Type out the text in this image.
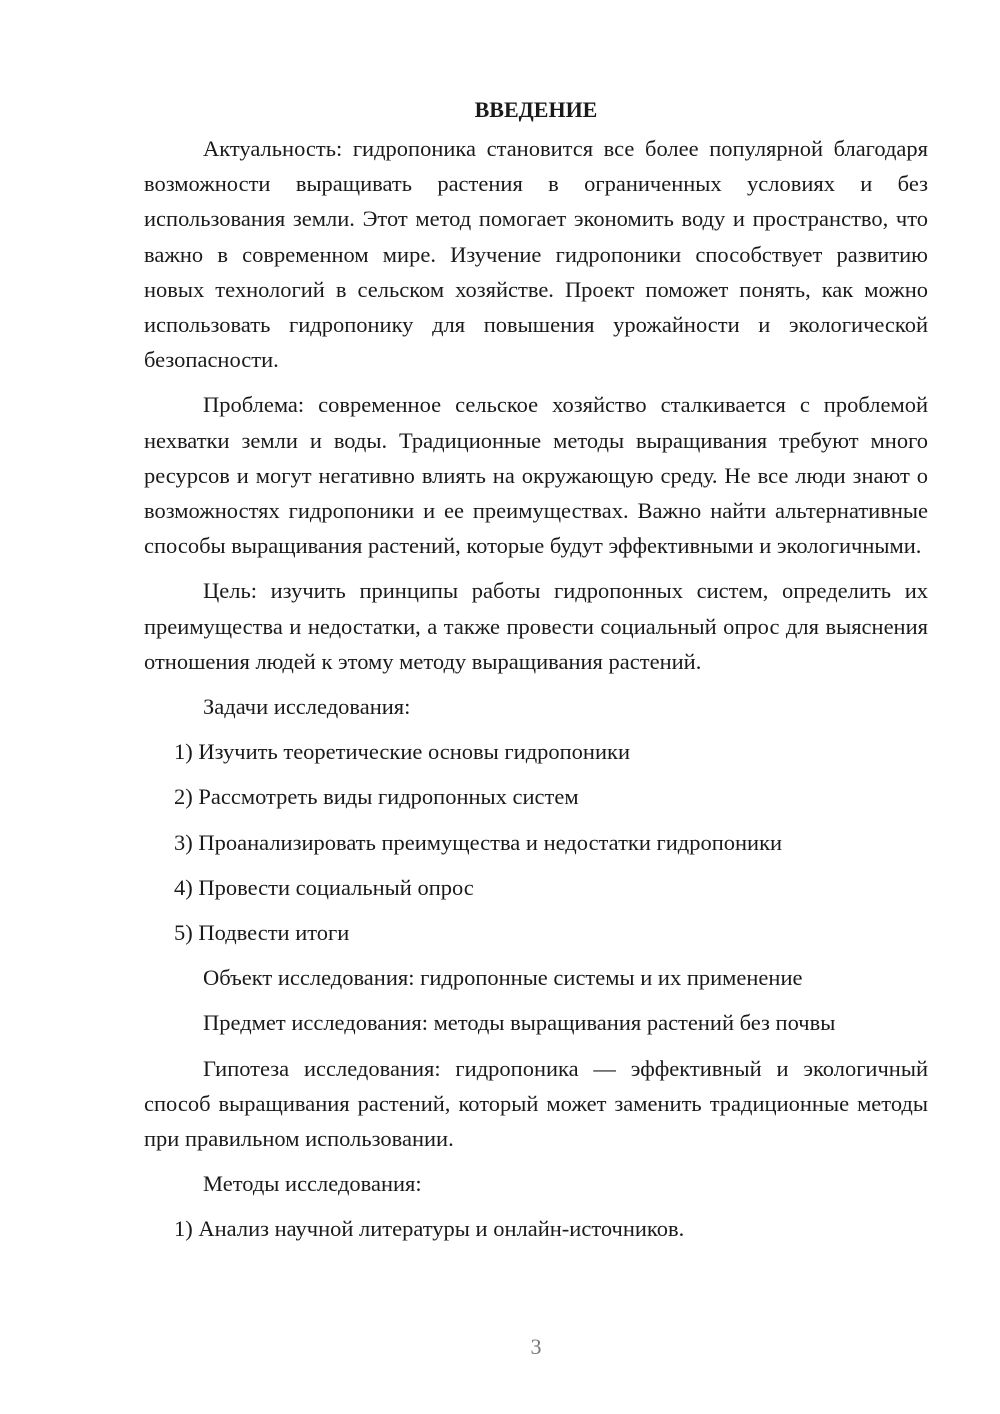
ВВЕДЕНИЕ

Актуальность: гидропоника становится все более популярной благодаря возможности выращивать растения в ограниченных условиях и без использования земли. Этот метод помогает экономить воду и пространство, что важно в современном мире. Изучение гидропоники способствует развитию новых технологий в сельском хозяйстве. Проект поможет понять, как можно использовать гидропонику для повышения урожайности и экологической безопасности.

Проблема: современное сельское хозяйство сталкивается с проблемой нехватки земли и воды. Традиционные методы выращивания требуют много ресурсов и могут негативно влиять на окружающую среду. Не все люди знают о возможностях гидропоники и ее преимуществах. Важно найти альтернативные способы выращивания растений, которые будут эффективными и экологичными.

Цель: изучить принципы работы гидропонных систем, определить их преимущества и недостатки, а также провести социальный опрос для выяснения отношения людей к этому методу выращивания растений.

Задачи исследования:
1) Изучить теоретические основы гидропоники
2) Рассмотреть виды гидропонных систем
3) Проанализировать преимущества и недостатки гидропоники
4) Провести социальный опрос
5) Подвести итоги
Объект исследования: гидропонные системы и их применение
Предмет исследования: методы выращивания растений без почвы

Гипотеза исследования: гидропоника — эффективный и экологичный способ выращивания растений, который может заменить традиционные методы при правильном использовании.

Методы исследования:
1) Анализ научной литературы и онлайн-источников.
3
